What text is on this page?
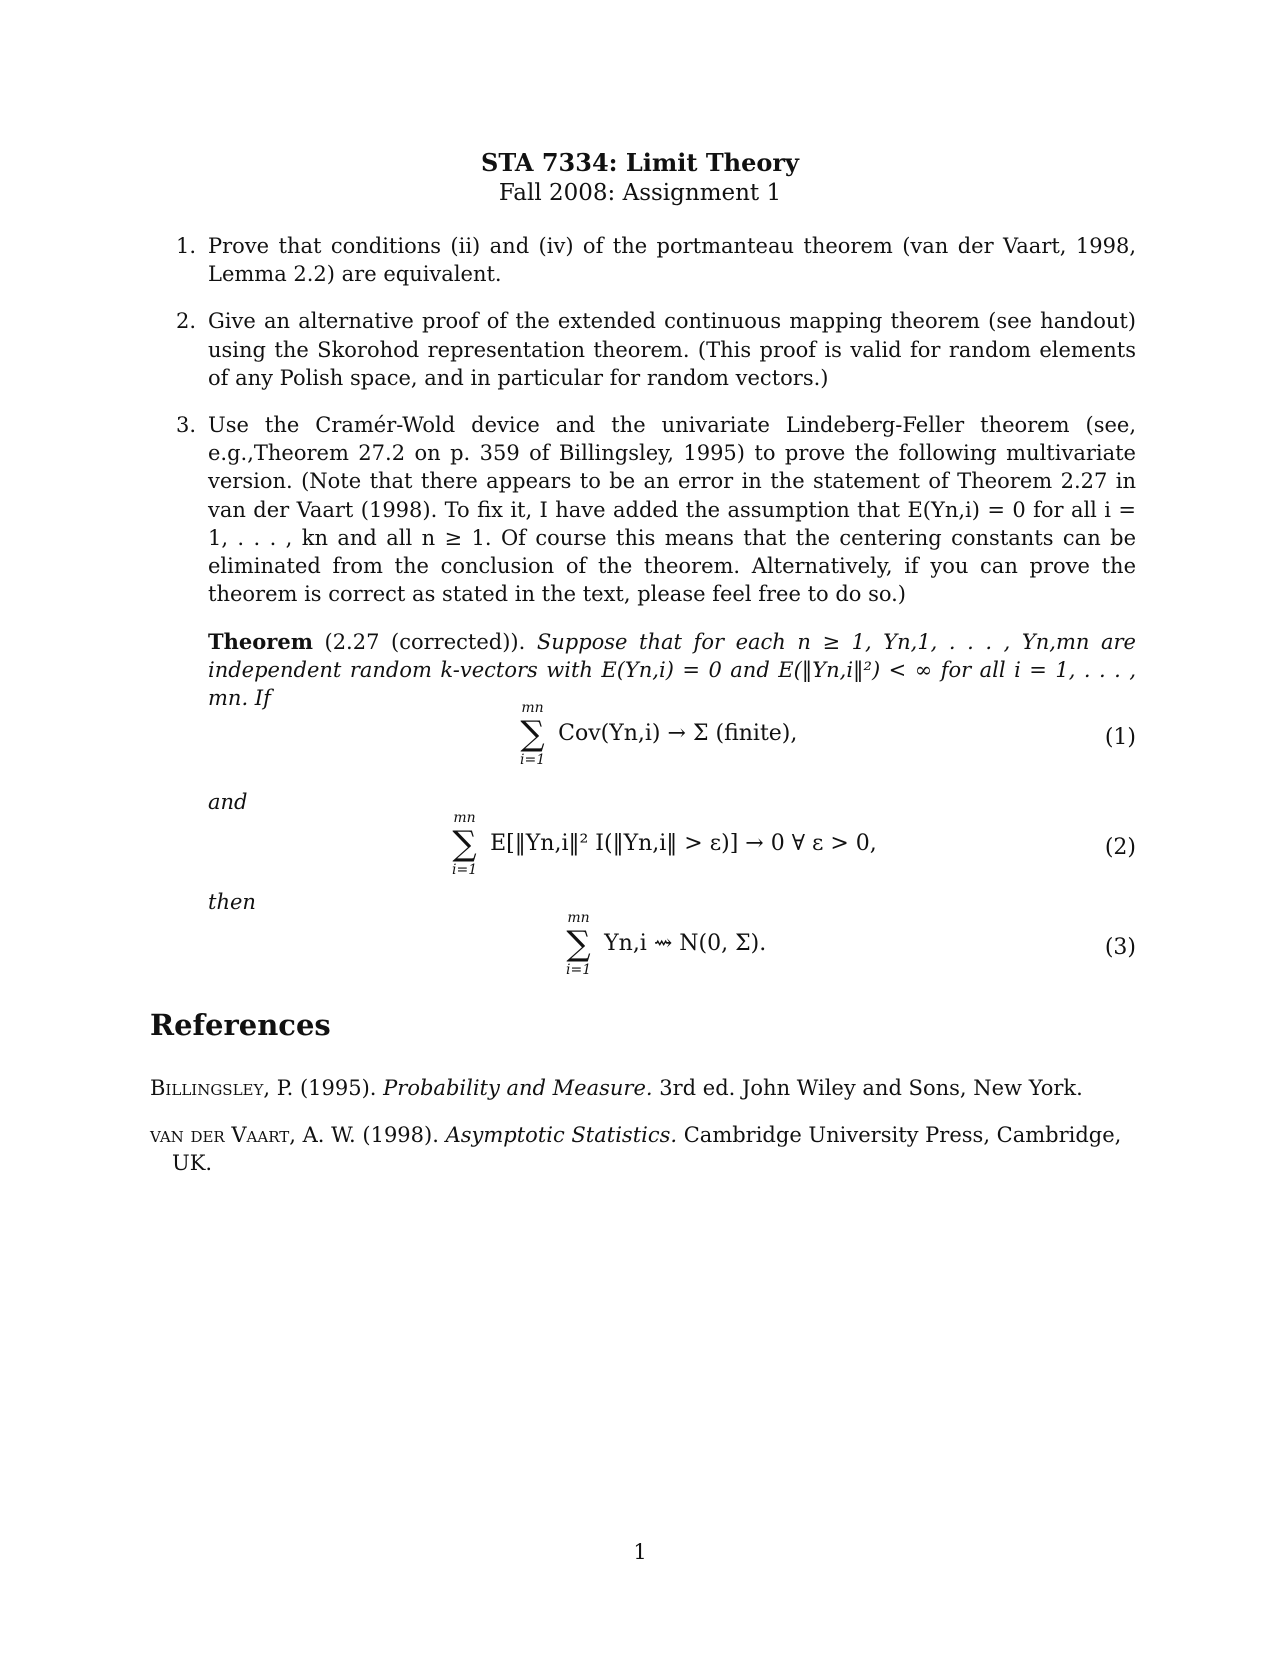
STA 7334: Limit Theory
Fall 2008: Assignment 1
1. Prove that conditions (ii) and (iv) of the portmanteau theorem (van der Vaart, 1998, Lemma 2.2) are equivalent.
2. Give an alternative proof of the extended continuous mapping theorem (see handout) using the Skorohod representation theorem. (This proof is valid for random elements of any Polish space, and in particular for random vectors.)
3. Use the Cramér-Wold device and the univariate Lindeberg-Feller theorem (see, e.g.,Theorem 27.2 on p. 359 of Billingsley, 1995) to prove the following multivariate version. (Note that there appears to be an error in the statement of Theorem 2.27 in van der Vaart (1998). To fix it, I have added the assumption that E(Yn,i) = 0 for all i = 1, . . . , kn and all n ≥ 1. Of course this means that the centering constants can be eliminated from the conclusion of the theorem. Alternatively, if you can prove the theorem is correct as stated in the text, please feel free to do so.)
Theorem (2.27 (corrected)). Suppose that for each n ≥ 1, Yn,1, . . . , Yn,mn are independent random k-vectors with E(Yn,i) = 0 and E(‖Yn,i‖²) < ∞ for all i = 1, . . . , mn. If	mn
∑
i=1
Cov(Yn,i) → Σ (finite),	(1)
and
mn
∑
i=1
E[‖Yn,i‖² I(‖Yn,i‖ > ε)] → 0 ∀ ε > 0,	(2)
then
mn
∑
i=1
Yn,i ⇝ N(0, Σ).	(3)
References
Billingsley, P. (1995). Probability and Measure. 3rd ed. John Wiley and Sons, New York.
van der Vaart, A. W. (1998). Asymptotic Statistics. Cambridge University Press, Cambridge,
UK.
1
